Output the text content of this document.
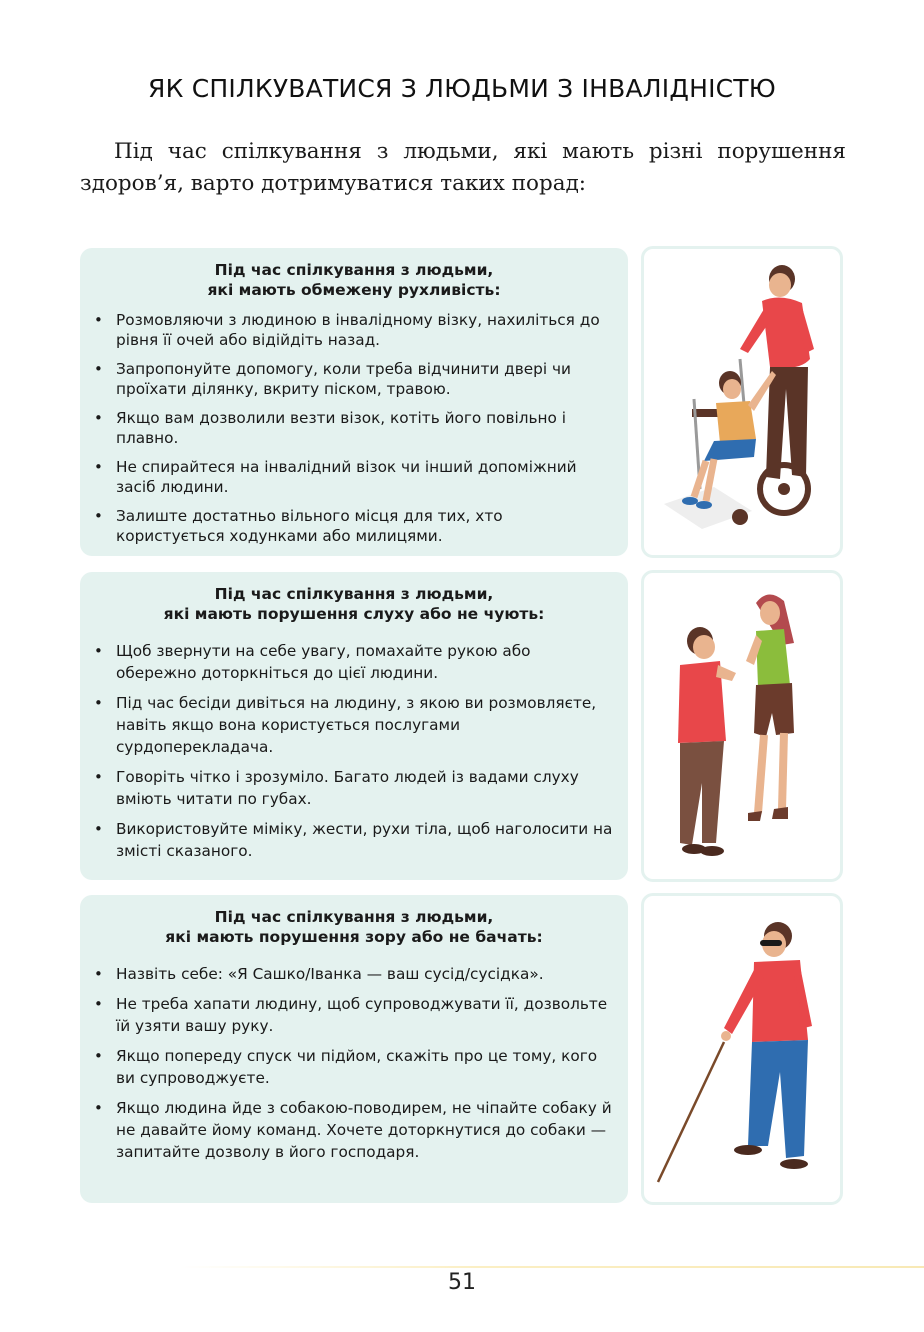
ЯК СПІЛКУВАТИСЯ З ЛЮДЬМИ З ІНВАЛІДНІСТЮ
Під час спілкування з людьми, які мають різні порушення здоров’я, варто дотримуватися таких порад:
Під час спілкування з людьми,
які мають обмежену рухливість:
• Розмовляючи з людиною в інвалідному візку, нахиліться до рівня її очей або відійдіть назад.
• Запропонуйте допомогу, коли треба відчинити двері чи проїхати ділянку, вкриту піском, травою.
• Якщо вам дозволили везти візок, котіть його повільно і плавно.
• Не спирайтеся на інвалідний візок чи інший допоміжний засіб людини.
• Залиште достатньо вільного місця для тих, хто користується ходунками або милицями.
Під час спілкування з людьми,
які мають порушення слуху або не чують:
• Щоб звернути на себе увагу, помахайте рукою або обережно доторкніться до цієї людини.
• Під час бесіди дивіться на людину, з якою ви розмовляєте, навіть якщо вона користується послугами сурдоперекладача.
• Говоріть чітко і зрозуміло. Багато людей із вадами слуху вміють читати по губах.
• Використовуйте міміку, жести, рухи тіла, щоб наголосити на змісті сказаного.
Під час спілкування з людьми,
які мають порушення зору або не бачать:
• Назвіть себе: «Я Сашко/Іванка — ваш сусід/сусідка».
• Не треба хапати людину, щоб супроводжувати її, дозвольте їй узяти вашу руку.
• Якщо попереду спуск чи підйом, скажіть про це тому, кого ви супроводжуєте.
• Якщо людина йде з собакою-поводирем, не чіпайте собаку й не давайте йому команд. Хочете доторкнутися до собаки — запитайте дозволу в його господаря.
51
